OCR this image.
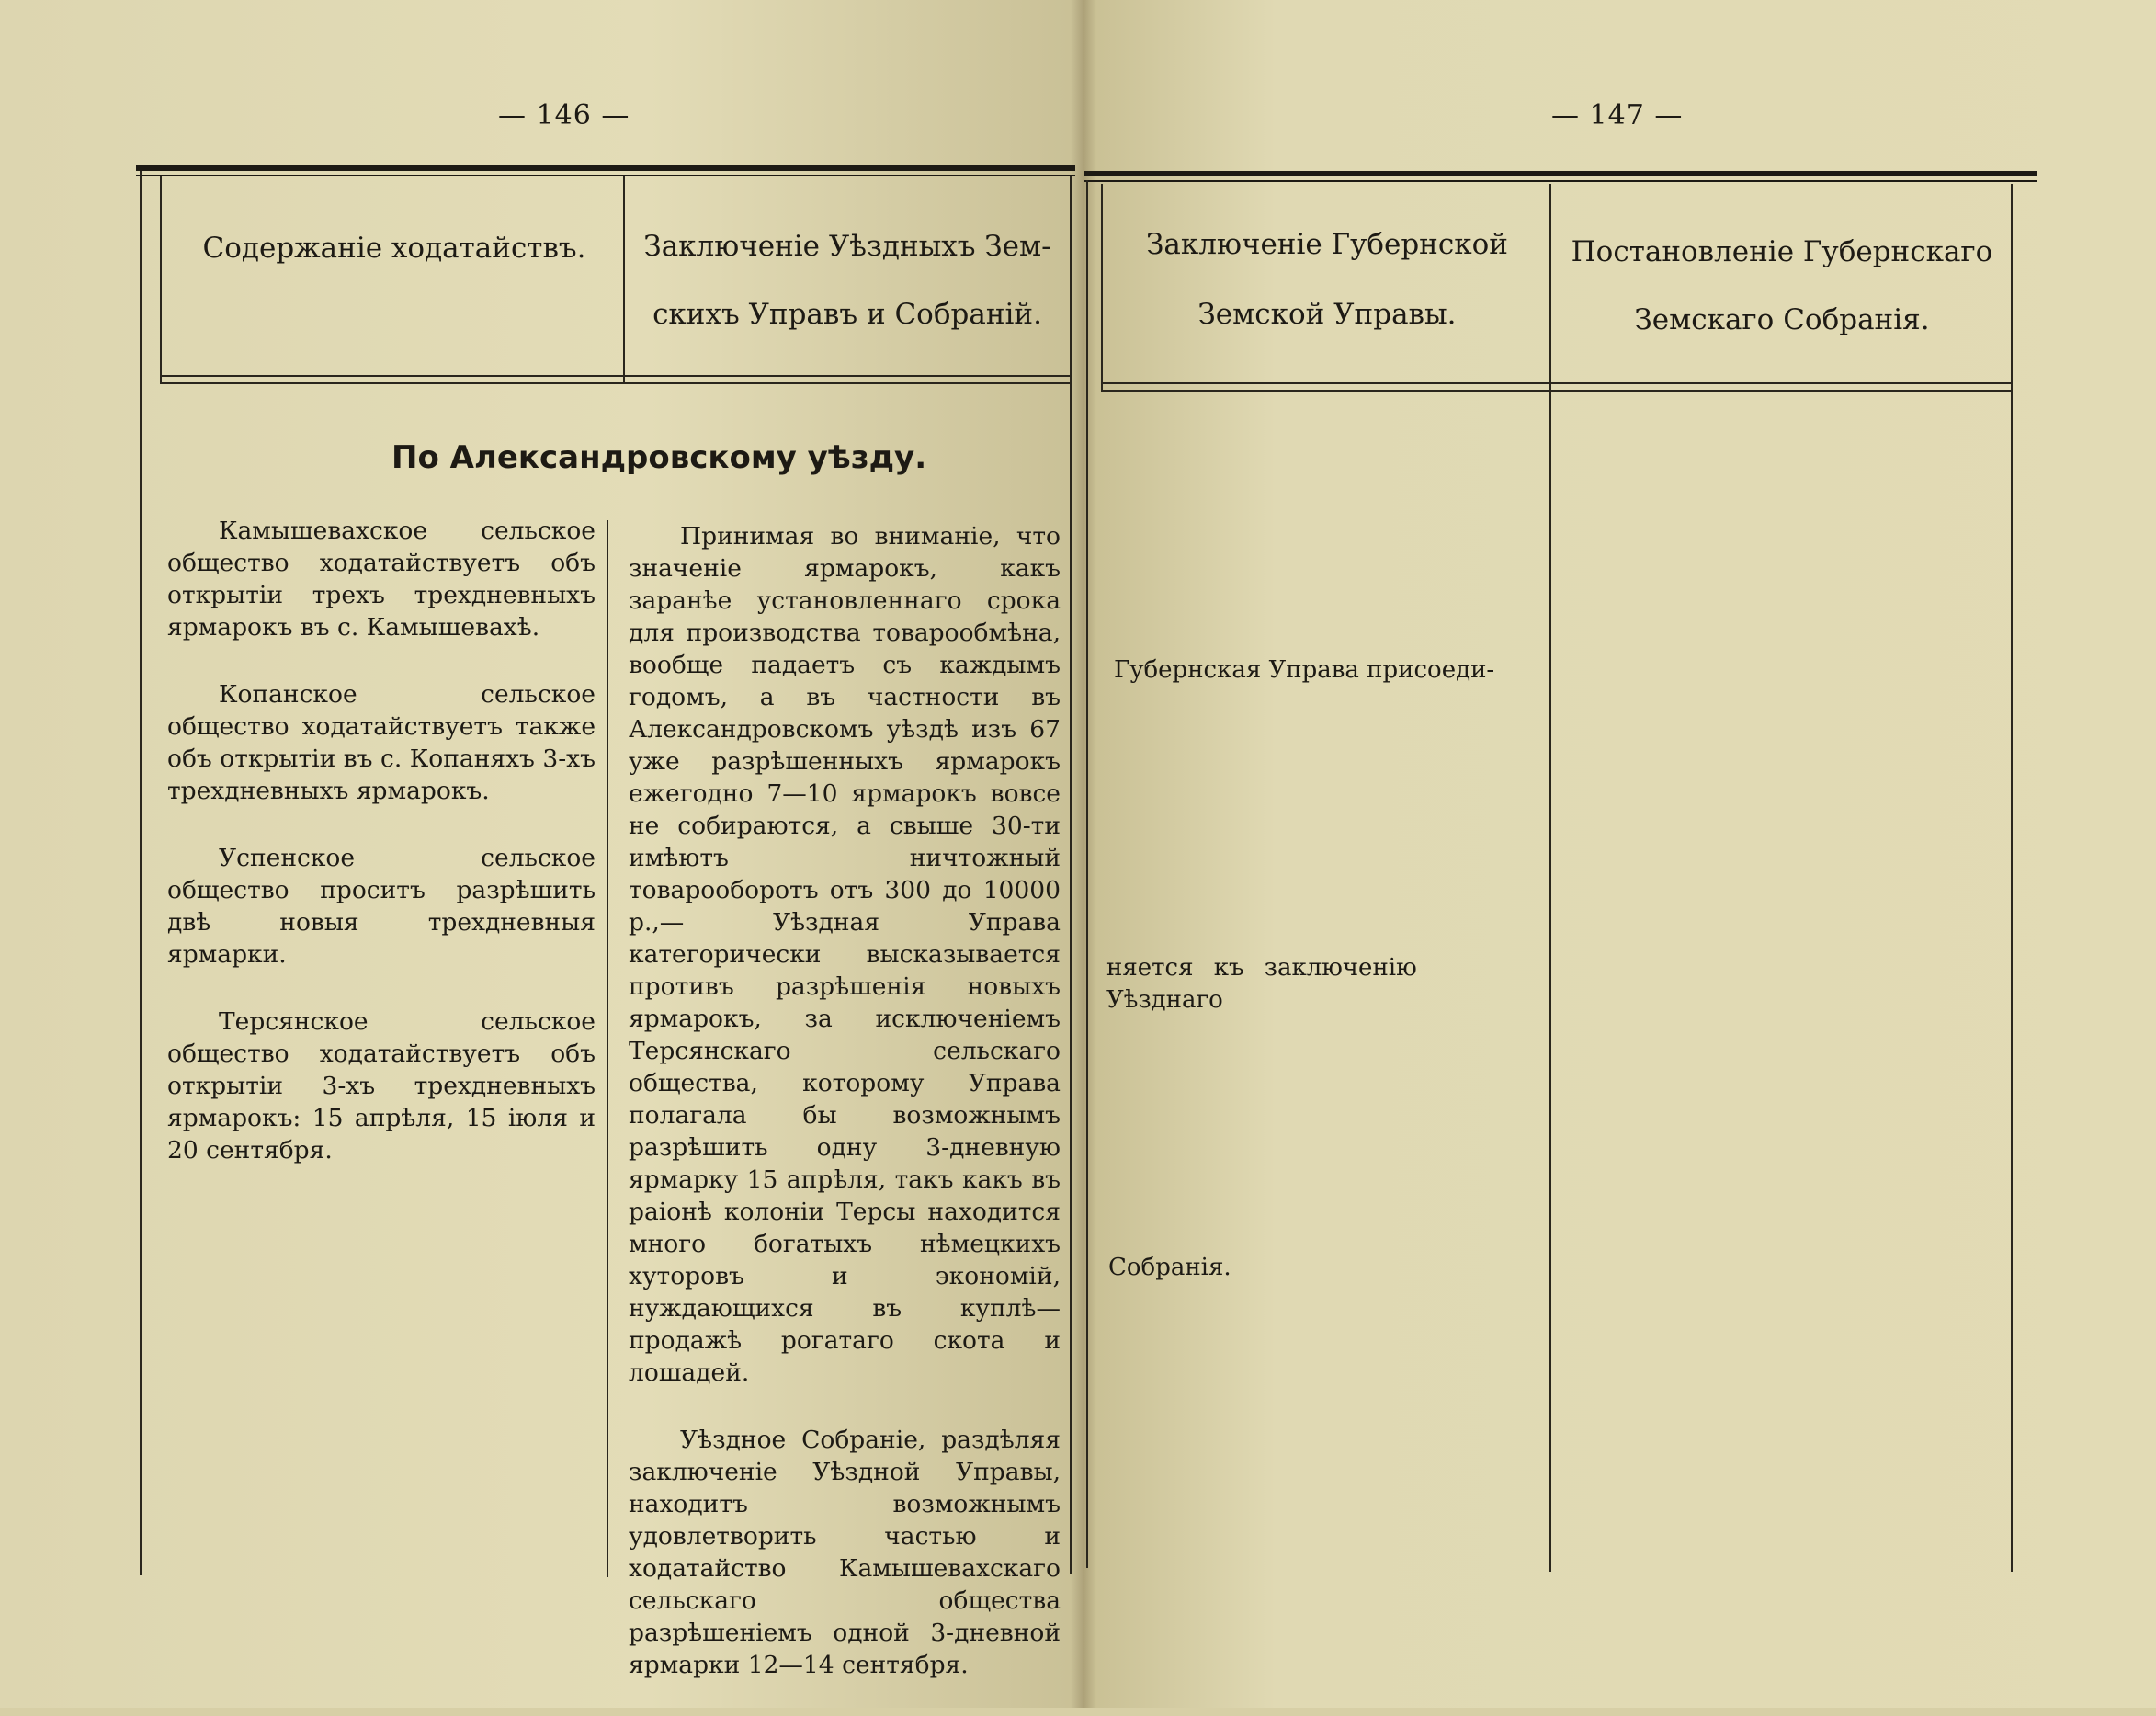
— 146 —	— 147 —
Содержаніе ходатайствъ.	Заключеніе Уѣздныхъ Зем-
скихъ Управъ и Собраній.
Заключеніе Губернской
Земской Управы.
Постановленіе Губернскаго
Земскаго Собранія.
По Александровскому уѣзду.

Камышевахское сельское общество ходатайствуетъ объ открытіи трехъ трехдневныхъ ярмарокъ въ с. Камышевахѣ.

Копанское сельское общество ходатайствуетъ также объ открытіи въ с. Копаняхъ 3-хъ трехдневныхъ ярмарокъ.

Успенское сельское общество проситъ разрѣшить двѣ новыя трехдневныя ярмарки.

Терсянское сельское общество ходатайствуетъ объ открытіи 3-хъ трехдневныхъ ярмарокъ: 15 апрѣля, 15 іюля и 20 сентября.

Принимая во вниманіе, что значеніе ярмарокъ, какъ заранѣе установленнаго срока для производства товарообмѣна, вообще падаетъ съ каждымъ годомъ, а въ частности въ Александровскомъ уѣздѣ изъ 67 уже разрѣшенныхъ ярмарокъ ежегодно 7—10 ярмарокъ вовсе не собираются, а свыше 30-ти имѣютъ ничтожный товарооборотъ отъ 300 до 10000 р.,— Уѣздная Управа категорически высказывается противъ разрѣшенія новыхъ ярмарокъ, за исключеніемъ Терсянскаго сельскаго общества, которому Управа полагала бы возможнымъ разрѣшить одну 3-дневную ярмарку 15 апрѣля, такъ какъ въ раіонѣ колоніи Терсы находится много богатыхъ нѣмецкихъ хуторовъ и экономій, нуждающихся въ куплѣ—продажѣ рогатаго скота и лошадей.

Уѣздное Собраніе, раздѣляя заключеніе Уѣздной Управы, находитъ возможнымъ удовлетворить частью и ходатайство Камышевахскаго сельскаго общества разрѣшеніемъ одной 3-дневной ярмарки 12—14 сентября.

Губернская Управа присоеди-
няется къ заключенію Уѣзднаго
Собранія.
